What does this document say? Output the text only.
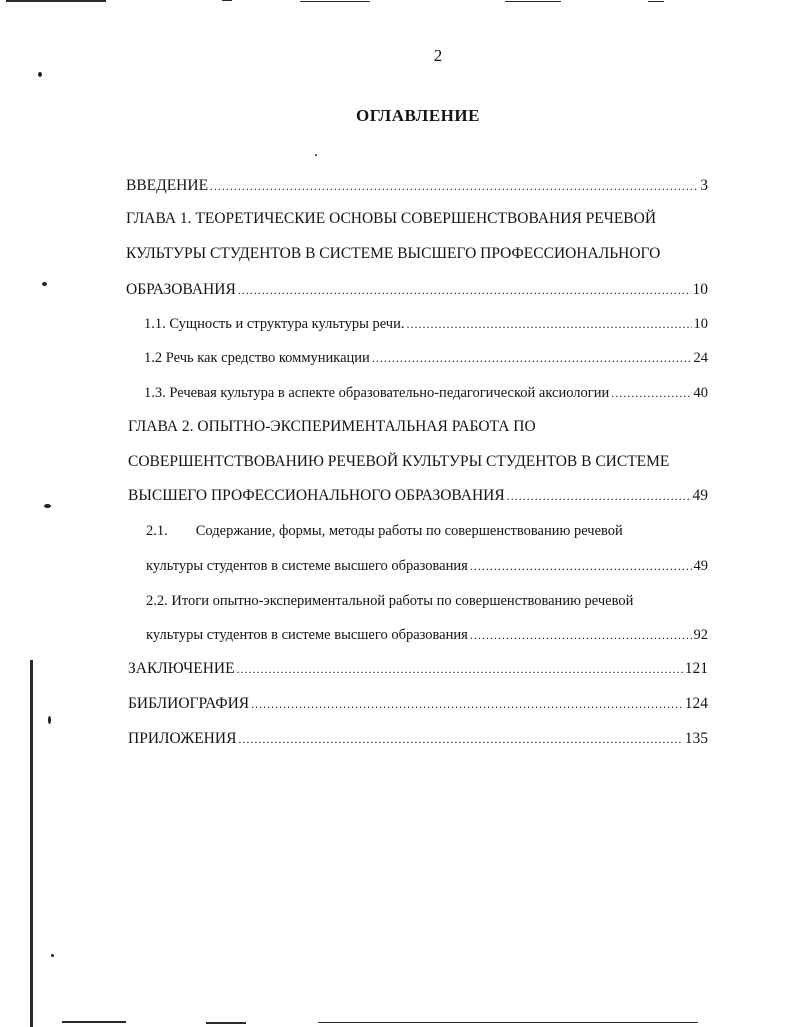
2
ОГЛАВЛЕНИЕ
ВВЕДЕНИЕ .....	3
ГЛАВА 1. ТЕОРЕТИЧЕСКИЕ ОСНОВЫ СОВЕРШЕНСТВОВАНИЯ РЕЧЕВОЙ
КУЛЬТУРЫ СТУДЕНТОВ В СИСТЕМЕ ВЫСШЕГО ПРОФЕССИОНАЛЬНОГО
ОБРАЗОВАНИЯ .....	10
1.1. Сущность и структура культуры речи. .....	10
1.2 Речь как средство коммуникации .....	24
1.3. Речевая культура в аспекте образовательно-педагогической аксиологии .....	40
ГЛАВА 2. ОПЫТНО-ЭКСПЕРИМЕНТАЛЬНАЯ РАБОТА ПО
СОВЕРШЕНТСТВОВАНИЮ РЕЧЕВОЙ КУЛЬТУРЫ СТУДЕНТОВ В СИСТЕМЕ
ВЫСШЕГО ПРОФЕССИОНАЛЬНОГО ОБРАЗОВАНИЯ .....	49
2.1. Содержание, формы, методы работы по совершенствованию речевой
культуры студентов в системе высшего образования .....	49
2.2. Итоги опытно-экспериментальной работы по совершенствованию речевой
культуры студентов в системе высшего образования .....	92
ЗАКЛЮЧЕНИЕ .....	121
БИБЛИОГРАФИЯ .....	124
ПРИЛОЖЕНИЯ .....	135
